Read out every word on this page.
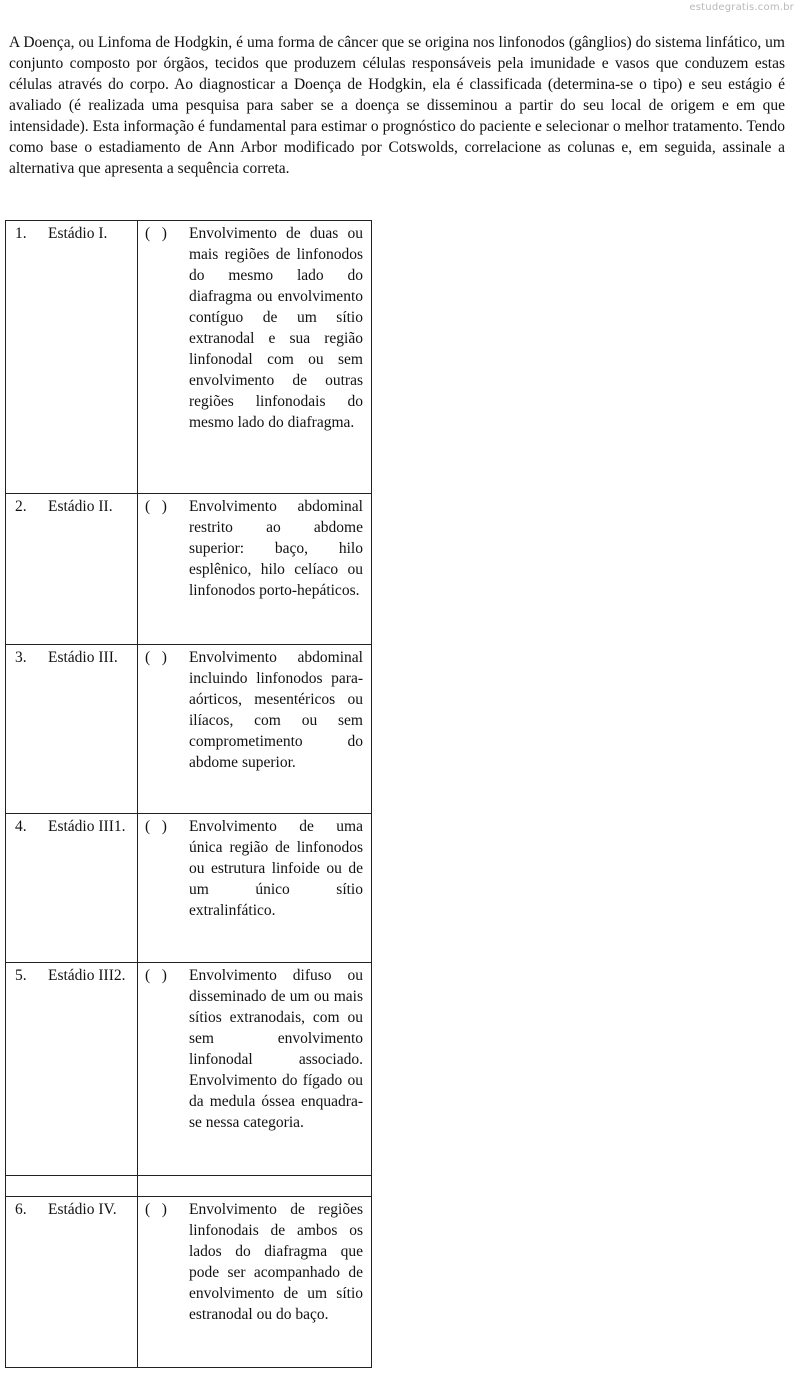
estudegratis.com.br

A Doença, ou Linfoma de Hodgkin, é uma forma de câncer que se origina nos linfonodos (gânglios) do sistema linfático, um conjunto composto por órgãos, tecidos que produzem células responsáveis pela imunidade e vasos que conduzem estas células através do corpo. Ao diagnosticar a Doença de Hodgkin, ela é classificada (determina-se o tipo) e seu estágio é avaliado (é realizada uma pesquisa para saber se a doença se disseminou a partir do seu local de origem e em que intensidade). Esta informação é fundamental para estimar o prognóstico do paciente e selecionar o melhor tratamento. Tendo como base o estadiamento de Ann Arbor modificado por Cotswolds, correlacione as colunas e, em seguida, assinale a alternativa que apresenta a sequência correta.

1. Estádio I.	(   ) Envolvimento de duas ou mais regiões de linfonodos do mesmo lado do diafragma ou envolvimento contíguo de um sítio extranodal e sua região linfonodal com ou sem envolvimento de outras regiões linfonodais do mesmo lado do diafragma.

2. Estádio II.	(   ) Envolvimento abdominal restrito ao abdome superior: baço, hilo esplênico, hilo celíaco ou linfonodos porto-hepáticos.

3. Estádio III.	(   ) Envolvimento abdominal incluindo linfonodos para-aórticos, mesentéricos ou ilíacos, com ou sem comprometimento do abdome superior.

4. Estádio III1.	(   ) Envolvimento de uma única região de linfonodos ou estrutura linfoide ou de um único sítio extralinfático.

5. Estádio III2.	(   ) Envolvimento difuso ou disseminado de um ou mais sítios extranodais, com ou sem envolvimento linfonodal associado. Envolvimento do fígado ou da medula óssea enquadra-se nessa categoria.

6. Estádio IV.	(   ) Envolvimento de regiões linfonodais de ambos os lados do diafragma que pode ser acompanhado de envolvimento de um sítio estranodal ou do baço.
